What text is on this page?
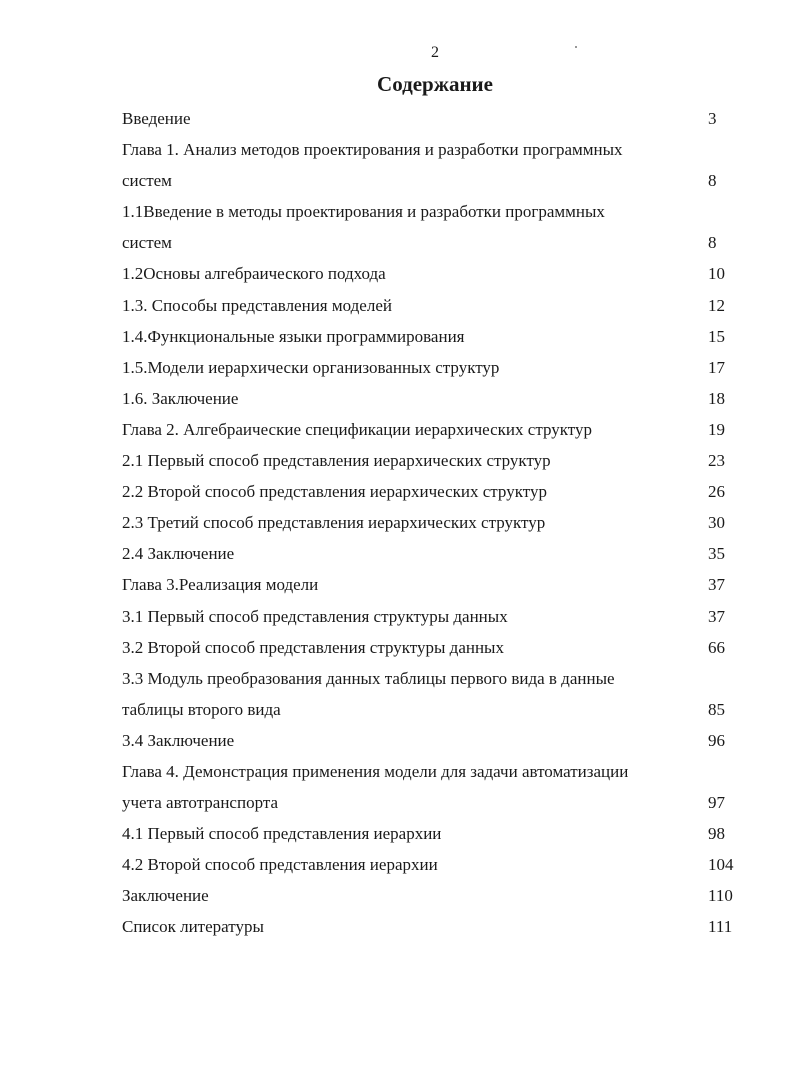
2
Содержание
Введение	3
Глава 1. Анализ методов проектирования и разработки программных
систем	8
1.1Введение в методы проектирования и разработки программных
систем	8
1.2Основы алгебраического подхода	10
1.3. Способы представления моделей	12
1.4.Функциональные языки программирования	15
1.5.Модели иерархически организованных структур	17
1.6. Заключение	18
Глава 2. Алгебраические спецификации иерархических структур	19
2.1 Первый способ представления иерархических структур	23
2.2 Второй способ представления иерархических структур	26
2.3 Третий способ представления иерархических структур	30
2.4 Заключение	35
Глава 3.Реализация модели	37
3.1 Первый способ представления структуры данных	37
3.2 Второй способ представления структуры данных	66
3.3 Модуль преобразования данных таблицы первого вида в данные
таблицы второго вида	85
3.4 Заключение	96
Глава 4. Демонстрация применения модели для задачи автоматизации
учета автотранспорта	97
4.1 Первый способ представления иерархии	98
4.2 Второй способ представления иерархии	104
Заключение	110
Список литературы	111
